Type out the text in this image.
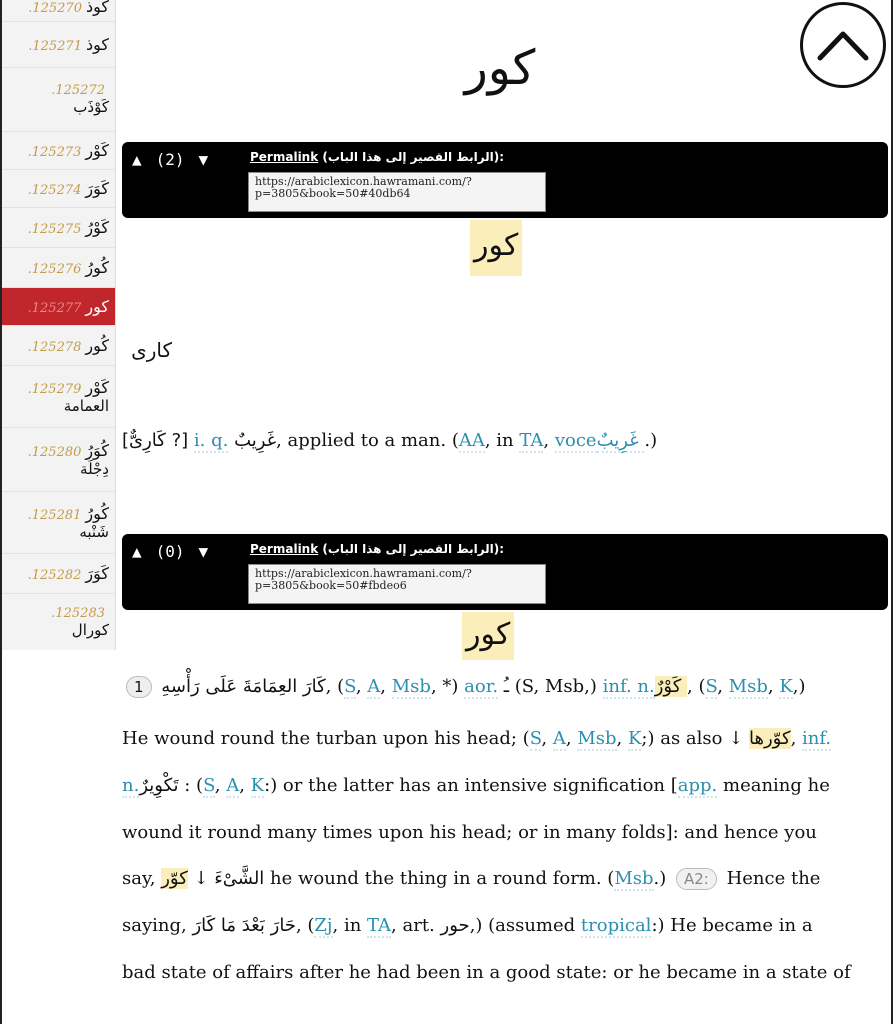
.125270 كوذ
.125271 كوذ
.125272
كَوْذَب
.125273 كَوْر
.125274 كَوَرَ
.125275 كَوْرُ
.125276 كُورُ
.125277 كور
.125278 كُور
.125279 كَوْر
العمامة
.125280 كُوَرُ
دِجْلَة
.125281 كُورُ
شَنْبه
.125282 كَوَرَ
.125283
كورال
كور
▲ (2) ▼	Permalink (الرابط القصير إلى هذا الباب):
https://arabiclexicon.hawramani.com/?
p=3805&book=50#40db64
كور
كارى
[? كَارِىٌّ] i. q. غَرِيبٌ, applied to a man. (AA, in TA, voce غَرِيبٌ.)
▲ (0) ▼	Permalink (الرابط القصير إلى هذا الباب):
https://arabiclexicon.hawramani.com/?
p=3805&book=50#fbdeo6
كور
1 كَارَ العِمَامَةَ عَلَى رَأْسِهِ, (S, A, Msb, *) aor. ـُ (S, Msb,) inf. n. كَوْرٌ, (S, Msb, K,)
He wound round the turban upon his head; (S, A, Msb, K;) as also ↓ كوّرها, inf.
n. تَكْوِيرٌ: (S, A, K:) or the latter has an intensive signification [app. meaning he
wound it round many times upon his head; or in many folds]: and hence you
say, كوّر ↓ الشَّىْءَ he wound the thing in a round form. (Msb.) A2: Hence the
saying, حَارَ بَعْدَ مَا كَارَ, (Zj, in TA, art. حور,) (assumed tropical:) He became in a
bad state of affairs after he had been in a good state: or he became in a state of
